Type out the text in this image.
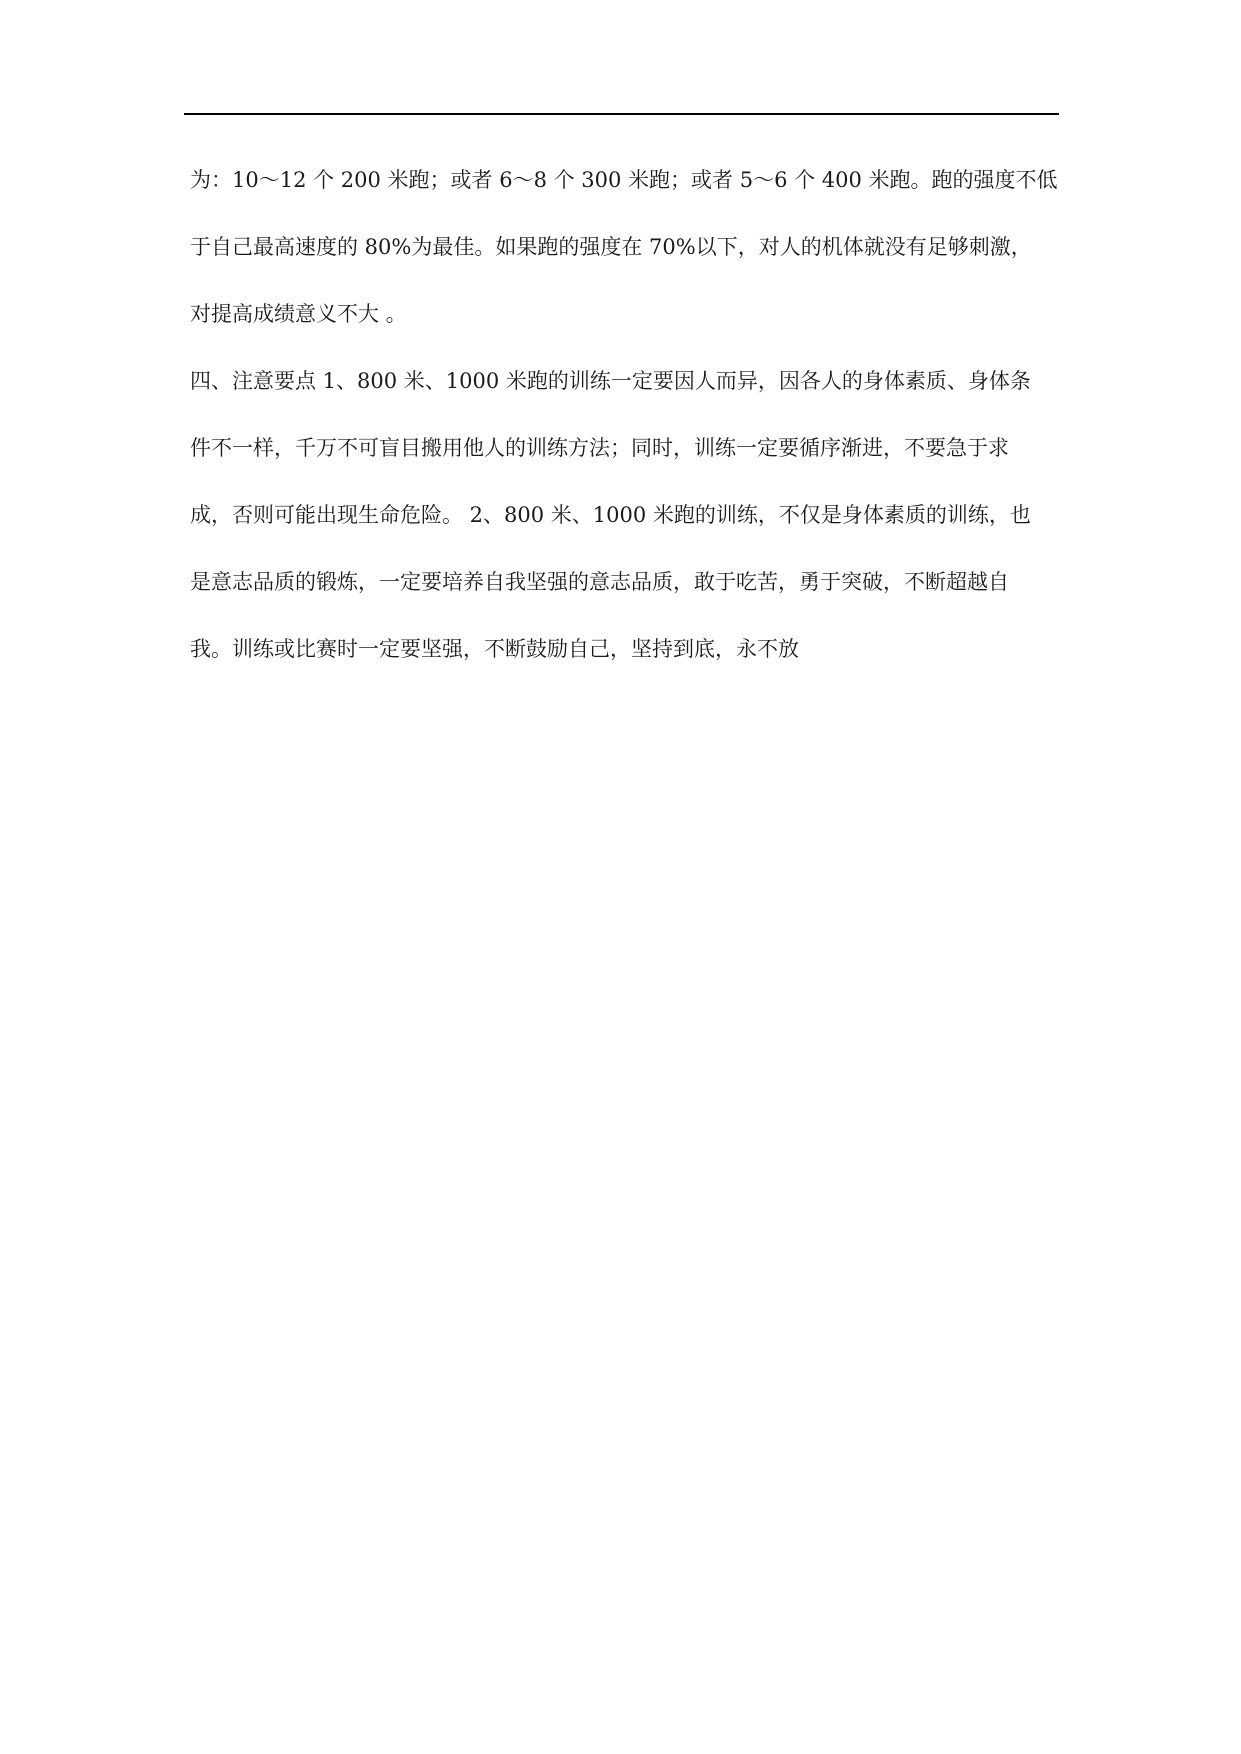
为：10～12 个 200 米跑；或者 6～8 个 300 米跑；或者 5～6 个 400 米跑。跑的强度不低
于自己最高速度的 80%为最佳。如果跑的强度在 70%以下，对人的机体就没有足够刺激，
对提高成绩意义不大 。
四、注意要点 1、800 米、1000 米跑的训练一定要因人而异，因各人的身体素质、身体条
件不一样，千万不可盲目搬用他人的训练方法；同时，训练一定要循序渐进，不要急于求
成，否则可能出现生命危险。 2、800 米、1000 米跑的训练，不仅是身体素质的训练，也
是意志品质的锻炼，一定要培养自我坚强的意志品质，敢于吃苦，勇于突破，不断超越自
我。训练或比赛时一定要坚强，不断鼓励自己，坚持到底，永不放
